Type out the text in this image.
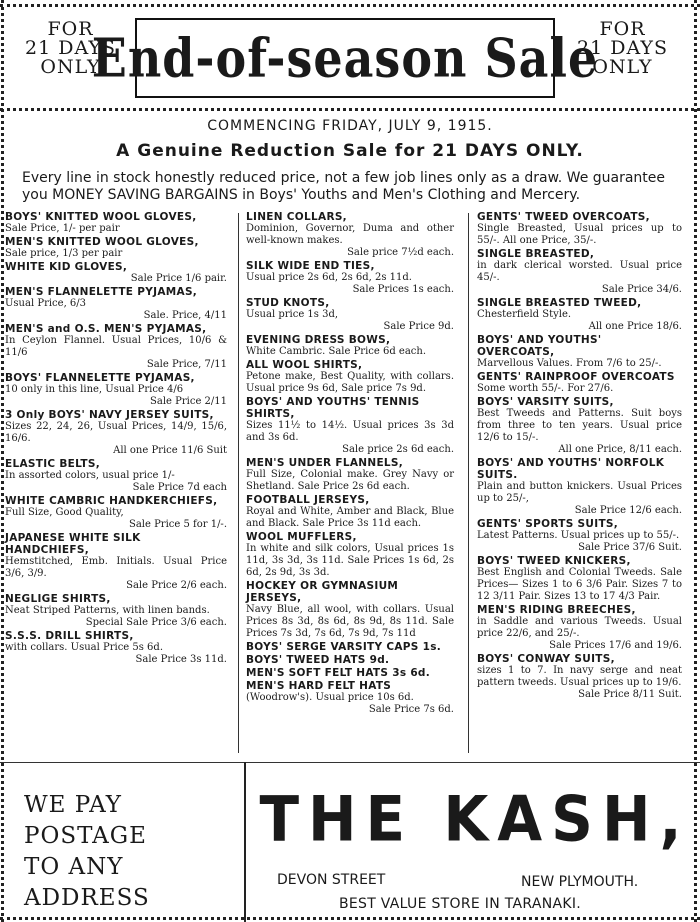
FOR
21 DAYS
ONLY
End-of-season Sale FOR
21 DAYS
ONLY
COMMENCING FRIDAY, JULY 9, 1915.
A Genuine Reduction Sale for 21 DAYS ONLY.
Every line in stock honestly reduced price, not a few job lines only as a draw. We guarantee you MONEY SAVING BARGAINS in Boys' Youths and Men's Clothing and Mercery.
BOYS' KNITTED WOOL GLOVES,
Sale Price, 1/- per pair
MEN'S KNITTED WOOL GLOVES,
Sale price, 1/3 per pair
WHITE KID GLOVES,
Sale Price 1/6 pair.
MEN'S FLANNELETTE PYJAMAS,
Usual Price, 6/3
Sale. Price, 4/11
MEN'S and O.S. MEN'S PYJAMAS,
In Ceylon Flannel. Usual Prices, 10/6 & 11/6
Sale Price, 7/11
BOYS' FLANNELETTE PYJAMAS,
10 only in this line, Usual Price 4/6
Sale Price 2/11
3 Only BOYS' NAVY JERSEY SUITS,
Sizes 22, 24, 26, Usual Prices, 14/9, 15/6, 16/6.
All one Price 11/6 Suit
ELASTIC BELTS,
In assorted colors, usual price 1/-
Sale Price 7d each
WHITE CAMBRIC HANDKERCHIEFS,
Full Size, Good Quality,
Sale Price 5 for 1/-.
JAPANESE WHITE SILK HANDCHIEFS,
Hemstitched, Emb. Initials. Usual Price 3/6, 3/9.
Sale Price 2/6 each.
NEGLIGE SHIRTS,
Neat Striped Patterns, with linen bands.
Special Sale Price 3/6 each.
S.S.S. DRILL SHIRTS,
with collars. Usual Price 5s 6d.
Sale Price 3s 11d.
LINEN COLLARS,
Dominion, Governor, Duma and other well-known makes.
Sale price 7½d each.
SILK WIDE END TIES,
Usual price 2s 6d, 2s 6d, 2s 11d.
Sale Prices 1s each.
STUD KNOTS,
Usual price 1s 3d,
Sale Price 9d.
EVENING DRESS BOWS,
White Cambric. Sale Price 6d each.
ALL WOOL SHIRTS,
Petone make, Best Quality, with collars. Usual price 9s 6d, Sale price 7s 9d.
BOYS' AND YOUTHS' TENNIS SHIRTS,
Sizes 11½ to 14½. Usual prices 3s 3d and 3s 6d.
Sale price 2s 6d each.
MEN'S UNDER FLANNELS,
Full Size, Colonial make. Grey Navy or Shetland. Sale Price 2s 6d each.
FOOTBALL JERSEYS,
Royal and White, Amber and Black, Blue and Black. Sale Price 3s 11d each.
WOOL MUFFLERS,
In white and silk colors, Usual prices 1s 11d, 3s 3d, 3s 11d. Sale Prices 1s 6d, 2s 6d, 2s 9d, 3s 3d.
HOCKEY OR GYMNASIUM JERSEYS,
Navy Blue, all wool, with collars. Usual Prices 8s 3d, 8s 6d, 8s 9d, 8s 11d. Sale Prices 7s 3d, 7s 6d, 7s 9d, 7s 11d
BOYS' SERGE VARSITY CAPS 1s.
BOYS' TWEED HATS 9d.
MEN'S SOFT FELT HATS 3s 6d.
MEN'S HARD FELT HATS
(Woodrow's). Usual price 10s 6d.
Sale Price 7s 6d.
GENTS' TWEED OVERCOATS,
Single Breasted, Usual prices up to 55/-. All one Price, 35/-.
SINGLE BREASTED,
in dark clerical worsted. Usual price 45/-.
Sale Price 34/6.
SINGLE BREASTED TWEED,
Chesterfield Style.
All one Price 18/6.
BOYS' AND YOUTHS' OVERCOATS,
Marvellous Values. From 7/6 to 25/-.
GENTS' RAINPROOF OVERCOATS
Some worth 55/-. For 27/6.
BOYS' VARSITY SUITS,
Best Tweeds and Patterns. Suit boys from three to ten years. Usual price 12/6 to 15/-.
All one Price, 8/11 each.
BOYS' AND YOUTHS' NORFOLK SUITS.
Plain and button knickers. Usual Prices up to 25/-,
Sale Price 12/6 each.
GENTS' SPORTS SUITS,
Latest Patterns. Usual prices up to 55/-.
Sale Price 37/6 Suit.
BOYS' TWEED KNICKERS,
Best English and Colonial Tweeds. Sale Prices— Sizes 1 to 6 3/6 Pair. Sizes 7 to 12 3/11 Pair. Sizes 13 to 17 4/3 Pair.
MEN'S RIDING BREECHES,
in Saddle and various Tweeds. Usual price 22/6, and 25/-.
Sale Prices 17/6 and 19/6.
BOYS' CONWAY SUITS,
sizes 1 to 7. In navy serge and neat pattern tweeds. Usual prices up to 19/6.
Sale Price 8/11 Suit.
WE PAY
POSTAGE
TO ANY
ADDRESS
THE KASH,
DEVON STREET	NEW PLYMOUTH.
BEST VALUE STORE IN TARANAKI.
